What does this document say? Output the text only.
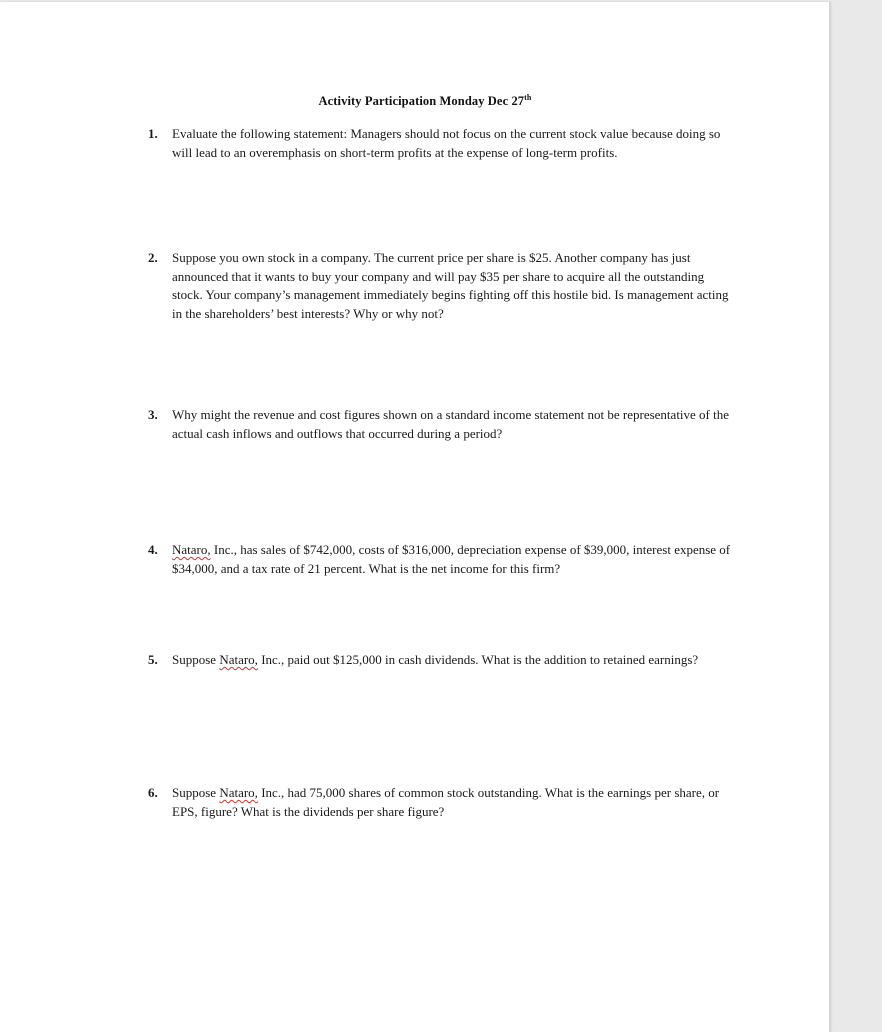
Activity Participation Monday Dec 27th
1. Evaluate the following statement: Managers should not focus on the current stock value because doing so will lead to an overemphasis on short-term profits at the expense of long-term profits.
2. Suppose you own stock in a company. The current price per share is $25. Another company has just announced that it wants to buy your company and will pay $35 per share to acquire all the outstanding stock. Your company’s management immediately begins fighting off this hostile bid. Is management acting in the shareholders’ best interests? Why or why not?
3. Why might the revenue and cost figures shown on a standard income statement not be representative of the actual cash inflows and outflows that occurred during a period?
4. Nataro, Inc., has sales of $742,000, costs of $316,000, depreciation expense of $39,000, interest expense of $34,000, and a tax rate of 21 percent. What is the net income for this firm?
5. Suppose Nataro, Inc., paid out $125,000 in cash dividends. What is the addition to retained earnings?
6. Suppose Nataro, Inc., had 75,000 shares of common stock outstanding. What is the earnings per share, or EPS, figure? What is the dividends per share figure?
